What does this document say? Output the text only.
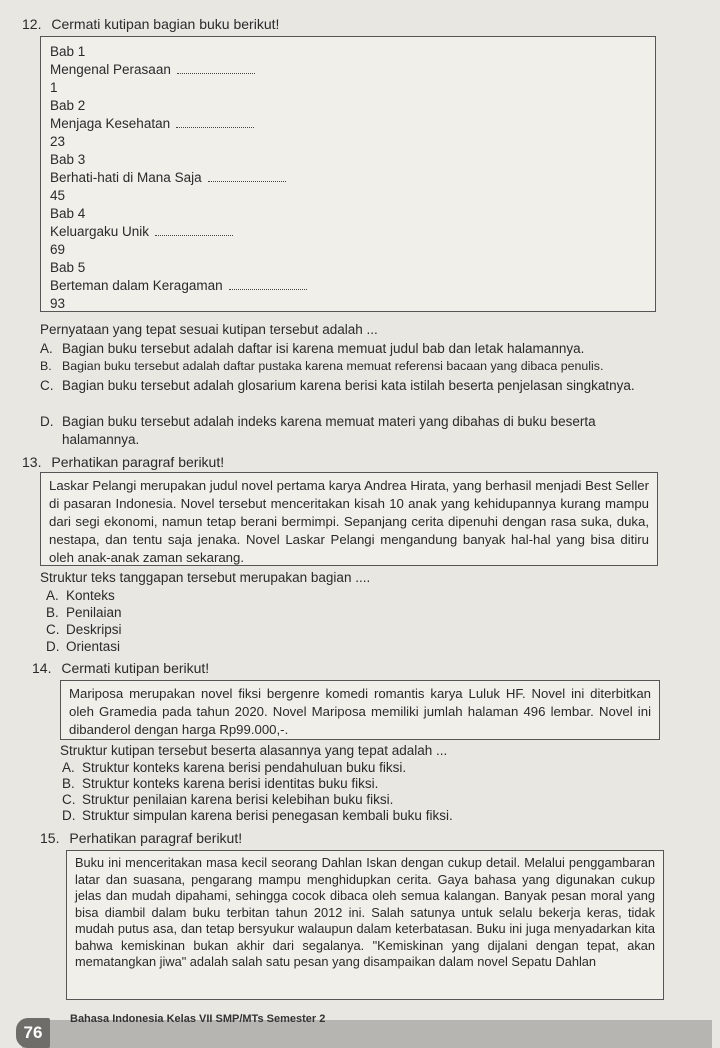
12. Cermati kutipan bagian buku berikut!
Bab 1
Mengenal Perasaan
1
Bab 2
Menjaga Kesehatan
23
Bab 3
Berhati-hati di Mana Saja
45
Bab 4
Keluargaku Unik
69
Bab 5
Berteman dalam Keragaman
93
Pernyataan yang tepat sesuai kutipan tersebut adalah ...
A. Bagian buku tersebut adalah daftar isi karena memuat judul bab dan letak halamannya.
B. Bagian buku tersebut adalah daftar pustaka karena memuat referensi bacaan yang dibaca penulis.
C. Bagian buku tersebut adalah glosarium karena berisi kata istilah beserta penjelasan singkatnya.
D. Bagian buku tersebut adalah indeks karena memuat materi yang dibahas di buku beserta halamannya.
13. Perhatikan paragraf berikut!
Laskar Pelangi merupakan judul novel pertama karya Andrea Hirata, yang berhasil menjadi Best Seller di pasaran Indonesia. Novel tersebut menceritakan kisah 10 anak yang kehidupannya kurang mampu dari segi ekonomi, namun tetap berani bermimpi. Sepanjang cerita dipenuhi dengan rasa suka, duka, nestapa, dan tentu saja jenaka. Novel Laskar Pelangi mengandung banyak hal-hal yang bisa ditiru oleh anak-anak zaman sekarang.
Struktur teks tanggapan tersebut merupakan bagian ....
A. Konteks
B. Penilaian
C. Deskripsi
D. Orientasi
14. Cermati kutipan berikut!
Mariposa merupakan novel fiksi bergenre komedi romantis karya Luluk HF. Novel ini diterbitkan oleh Gramedia pada tahun 2020. Novel Mariposa memiliki jumlah halaman 496 lembar. Novel ini dibanderol dengan harga Rp99.000,-.
Struktur kutipan tersebut beserta alasannya yang tepat adalah ...
A. Struktur konteks karena berisi pendahuluan buku fiksi.
B. Struktur konteks karena berisi identitas buku fiksi.
C. Struktur penilaian karena berisi kelebihan buku fiksi.
D. Struktur simpulan karena berisi penegasan kembali buku fiksi.
15. Perhatikan paragraf berikut!
Buku ini menceritakan masa kecil seorang Dahlan Iskan dengan cukup detail. Melalui penggambaran latar dan suasana, pengarang mampu menghidupkan cerita. Gaya bahasa yang digunakan cukup jelas dan mudah dipahami, sehingga cocok dibaca oleh semua kalangan. Banyak pesan moral yang bisa diambil dalam buku terbitan tahun 2012 ini. Salah satunya untuk selalu bekerja keras, tidak mudah putus asa, dan tetap bersyukur walaupun dalam keterbatasan. Buku ini juga menyadarkan kita bahwa kemiskinan bukan akhir dari segalanya. "Kemiskinan yang dijalani dengan tepat, akan mematangkan jiwa" adalah salah satu pesan yang disampaikan dalam novel Sepatu Dahlan
76
Bahasa Indonesia Kelas VII SMP/MTs Semester 2
